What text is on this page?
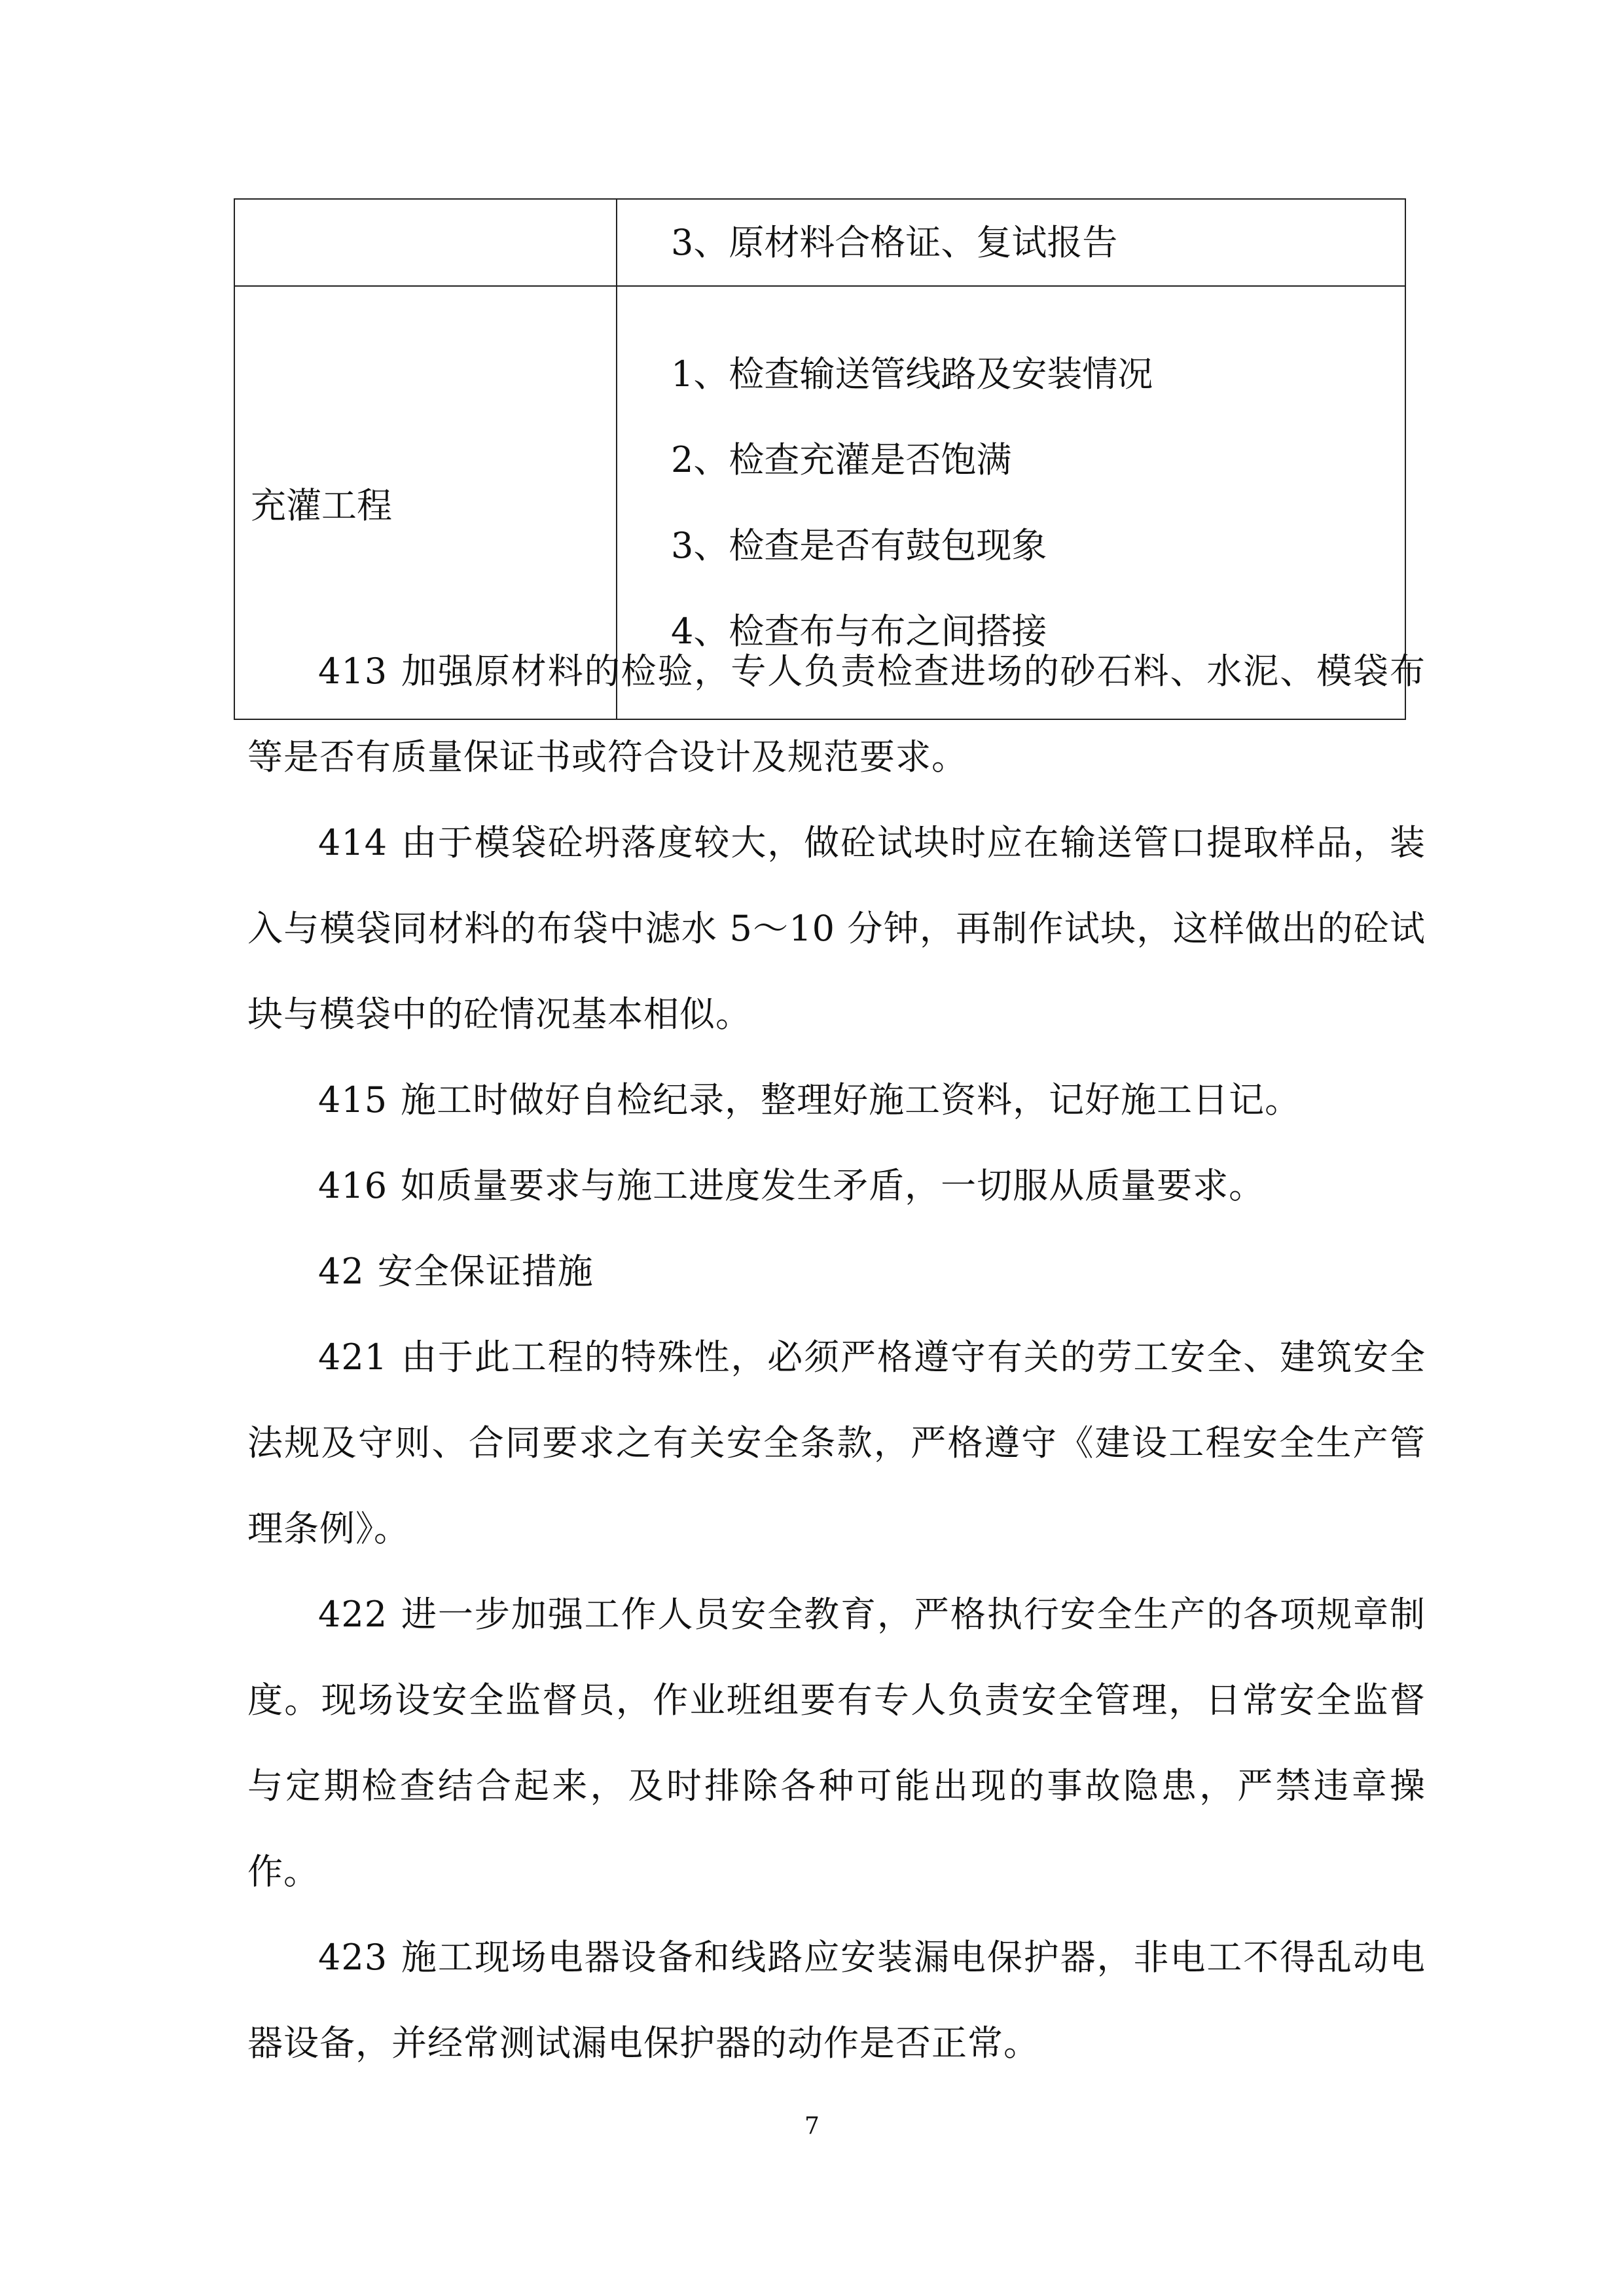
	3、原材料合格证、复试报告

充灌工程	1、检查输送管线路及安装情况
2、检查充灌是否饱满
3、检查是否有鼓包现象
4、检查布与布之间搭接

413 加强原材料的检验，专人负责检查进场的砂石料、水泥、模袋布等是否有质量保证书或符合设计及规范要求。

414 由于模袋砼坍落度较大，做砼试块时应在输送管口提取样品，装入与模袋同材料的布袋中滤水 5～10 分钟，再制作试块，这样做出的砼试块与模袋中的砼情况基本相似。

415 施工时做好自检纪录，整理好施工资料，记好施工日记。

416 如质量要求与施工进度发生矛盾，一切服从质量要求。

42 安全保证措施

421 由于此工程的特殊性，必须严格遵守有关的劳工安全、建筑安全法规及守则、合同要求之有关安全条款，严格遵守《建设工程安全生产管理条例》。

422 进一步加强工作人员安全教育，严格执行安全生产的各项规章制度。现场设安全监督员，作业班组要有专人负责安全管理，日常安全监督与定期检查结合起来，及时排除各种可能出现的事故隐患，严禁违章操作。

423 施工现场电器设备和线路应安装漏电保护器，非电工不得乱动电器设备，并经常测试漏电保护器的动作是否正常。

7
